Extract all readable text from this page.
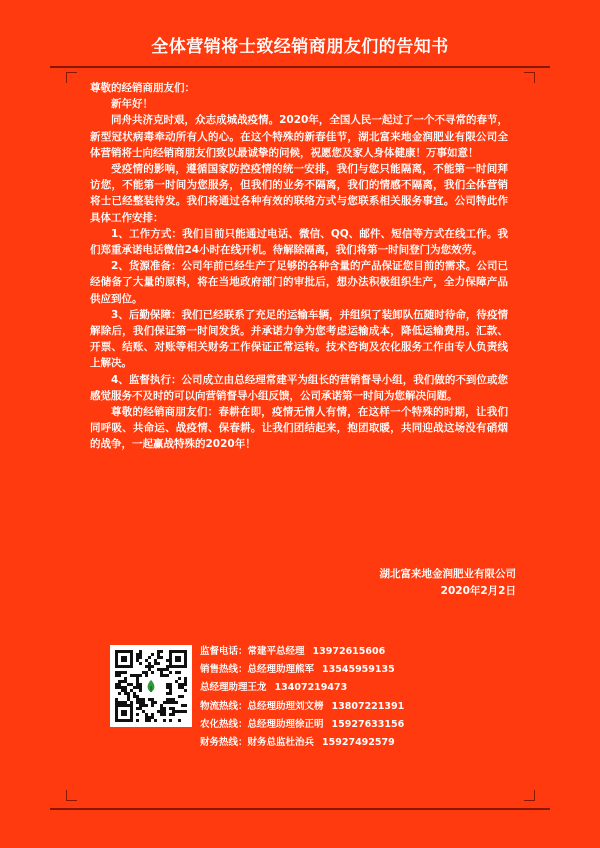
全体营销将士致经销商朋友们的告知书

尊敬的经销商朋友们：

新年好！

同舟共济克时艰，众志成城战疫情。2020年，全国人民一起过了一个不寻常的春节，新型冠状病毒牵动所有人的心。在这个特殊的新春佳节，湖北富来地金润肥业有限公司全体营销将士向经销商朋友们致以最诚挚的问候，祝愿您及家人身体健康！万事如意！

受疫情的影响，遵循国家防控疫情的统一安排，我们与您只能隔离，不能第一时间拜访您，不能第一时间为您服务，但我们的业务不隔离，我们的情感不隔离，我们全体营销将士已经整装待发。我们将通过各种有效的联络方式与您联系相关服务事宜。公司特此作具体工作安排：

1、工作方式：我们目前只能通过电话、微信、QQ、邮件、短信等方式在线工作。我们郑重承诺电话微信24小时在线开机。待解除隔离，我们将第一时间登门为您效劳。

2、货源准备：公司年前已经生产了足够的各种含量的产品保证您目前的需求。公司已经储备了大量的原料，将在当地政府部门的审批后，想办法积极组织生产，全力保障产品供应到位。

3、后勤保障：我们已经联系了充足的运输车辆，并组织了装卸队伍随时待命，待疫情解除后，我们保证第一时间发货。并承诺力争为您考虑运输成本，降低运输费用。汇款、开票、结账、对账等相关财务工作保证正常运转。技术咨询及农化服务工作由专人负责线上解决。

4、监督执行：公司成立由总经理常建平为组长的营销督导小组，我们做的不到位或您感觉服务不及时的可以向营销督导小组反馈，公司承诺第一时间为您解决问题。

尊敬的经销商朋友们：春耕在即，疫情无情人有情，在这样一个特殊的时期，让我们同呼吸、共命运、战疫情、保春耕。让我们团结起来，抱团取暖，共同迎战这场没有硝烟的战争，一起赢战特殊的2020年！

湖北富来地金润肥业有限公司
2020年2月2日
监督电话：常建平总经理 13972615606
销售热线：总经理助理熊军 13545959135
总经理助理王龙 13407219473
物流热线：总经理助理刘文榜 13807221391
农化热线：总经理助理徐正明 15927633156
财务热线：财务总监杜治兵 15927492579
